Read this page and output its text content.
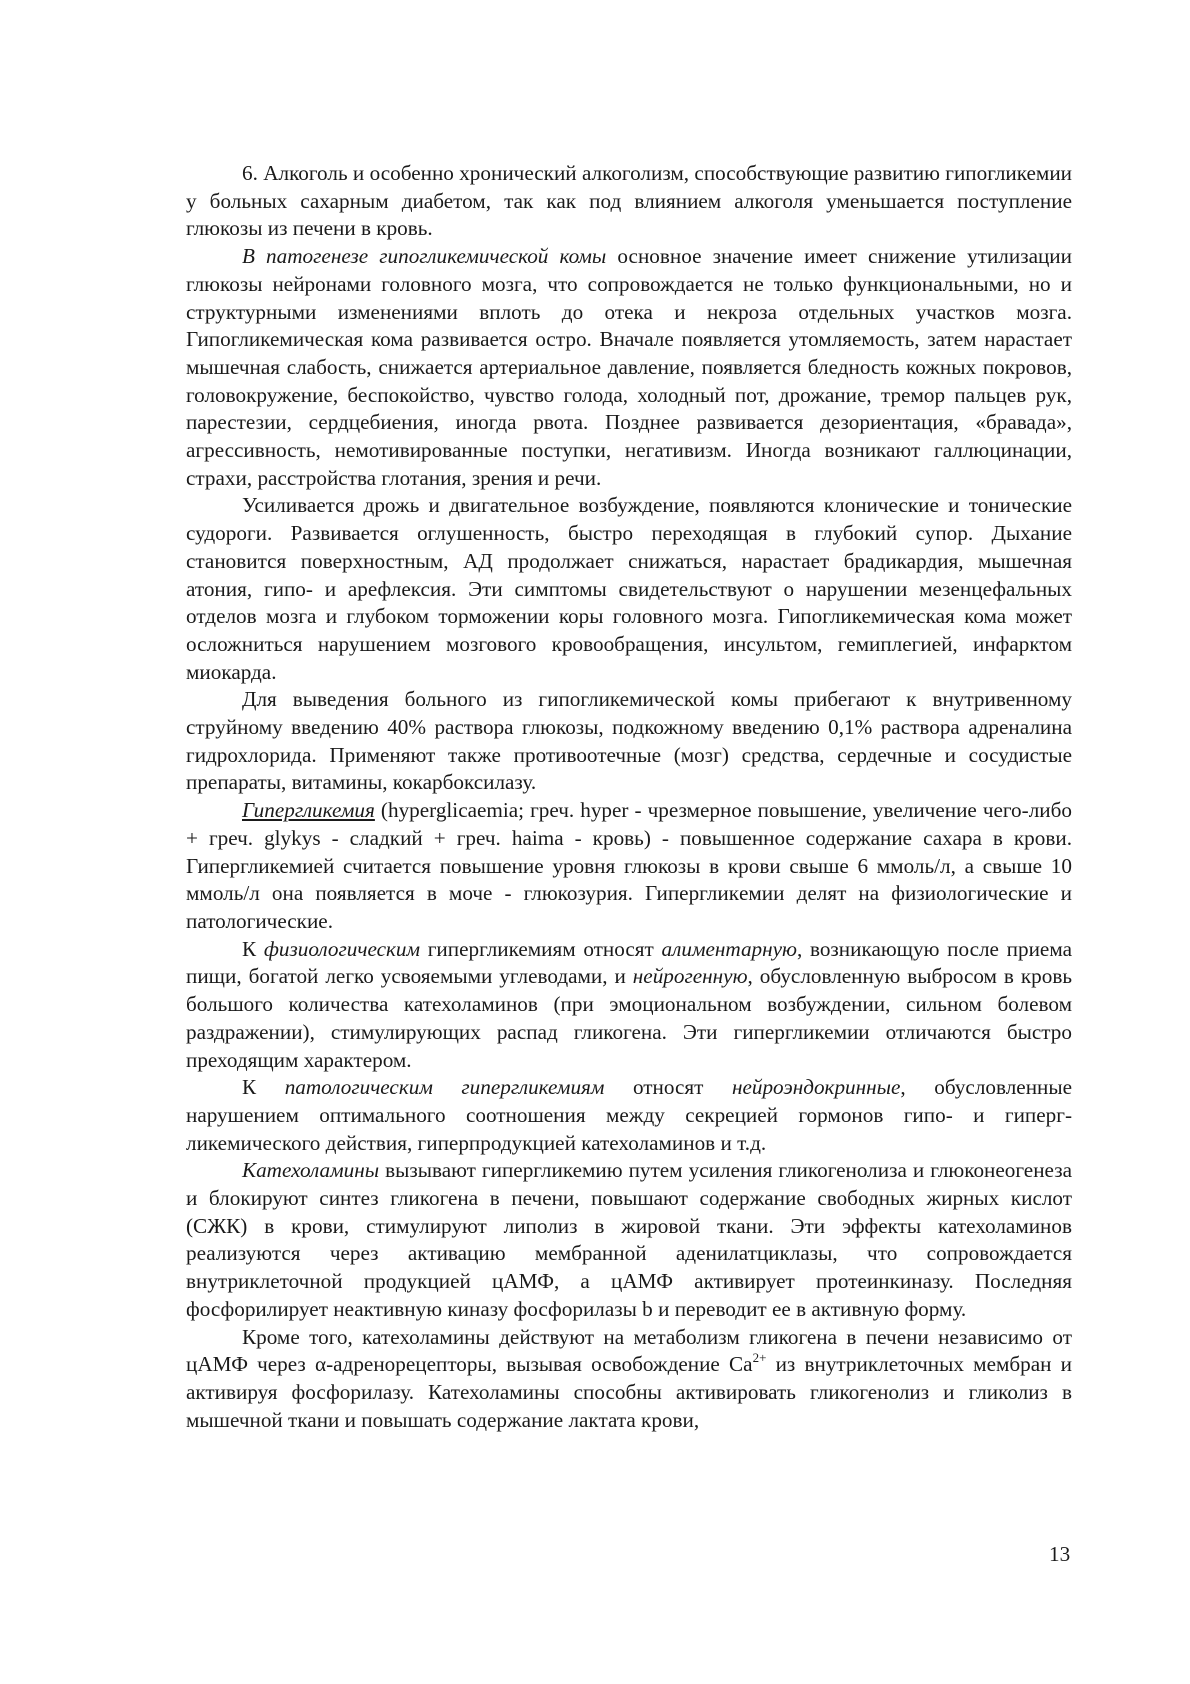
6. Алкоголь и особенно хронический алкоголизм, способствующие развитию гипогликемии у больных сахарным диабетом, так как под влиянием алкоголя уменьшается поступление глюкозы из печени в кровь.

В патогенезе гипогликемической комы основное значение имеет снижение утилизации глюкозы нейронами головного мозга, что сопровождается не только функциональными, но и структурными изменениями вплоть до отека и некроза отдельных участков мозга. Гипогликемическая кома развивается остро. Вначале появляется утомляемость, затем нарастает мышечная слабость, снижается артериальное давление, появляется бледность кожных покровов, головокружение, беспокойство, чувство голода, холодный пот, дрожание, тремор пальцев рук, парестезии, сердцебиения, иногда рвота. Позднее развивается дезориентация, «бравада», агрессивность, немотивированные поступки, негативизм. Иногда возникают галлюцинации, страхи, расстройства глотания, зрения и речи.

Усиливается дрожь и двигательное возбуждение, появляются клонические и тонические судороги. Развивается оглушенность, быстро переходящая в глубокий супор. Дыхание становится поверхностным, АД продолжает снижаться, нарастает брадикардия, мышечная атония, гипо- и арефлексия. Эти симптомы свидетельствуют о нарушении мезенцефальных отделов мозга и глубоком торможении коры головного мозга. Гипогликемическая кома может осложниться нарушением мозгового кровообращения, инсультом, гемиплегией, инфарктом миокарда.

Для выведения больного из гипогликемической комы прибегают к внутривенному струйному введению 40% раствора глюкозы, подкожному введению 0,1% раствора адреналина гидрохлорида. Применяют также противоотечные (мозг) средства, сердечные и сосудистые препараты, витамины, кокарбоксилазу.

Гипергликемия (hyperglicaemia; греч. hyper - чрезмерное повышение, увеличение чего-либо + греч. glykys - сладкий + греч. haima - кровь) - повышенное содержание сахара в крови. Гипергликемией считается повышение уровня глюкозы в крови свыше 6 ммоль/л, а свыше 10 ммоль/л она появляется в моче - глюкозурия. Гипергликeмии делят на физиологические и патологические.

К физиологическим гипергликемиям относят алиментарную, возникающую после приема пищи, богатой легко усвояемыми углеводами, и нейрогенную, обусловленную выбросом в кровь большого количества катехоламинов (при эмоциональном возбуждении, сильном болевом раздражении), стимулирующих распад гликогена. Эти гипергликемии отличаются быстро преходящим характером.

К патологическим гипергликемиям относят нейроэндокринные, обусловленные нарушением оптимального соотношения между секрецией гормонов гипо- и гипергликемического действия, гиперпродукцией катехоламинов и т.д.

Катехоламины вызывают гипергликемию путем усиления гликогенолиза и глюконеогенеза и блокируют синтез гликогена в печени, повышают содержание свободных жирных кислот (СЖК) в крови, стимулируют липолиз в жировой ткани. Эти эффекты катехоламинов реализуются через активацию мембранной аденилатциклазы, что сопровождается внутриклеточной продукцией цАМФ, а цАМФ активирует протеинкиназу. Последняя фосфорилирует неактивную киназу фосфорилазы b и переводит ее в активную форму.

Кроме того, катехоламины действуют на метаболизм гликогена в печени независимо от цАМФ через α-адренорецепторы, вызывая освобождение $Ca^{2+}$ из внутриклеточных мембран и активируя фосфорилазу. Катехоламины способны активировать гликогенолиз и гликолиз в мышечной ткани и повышать содержание лактата крови,

13
